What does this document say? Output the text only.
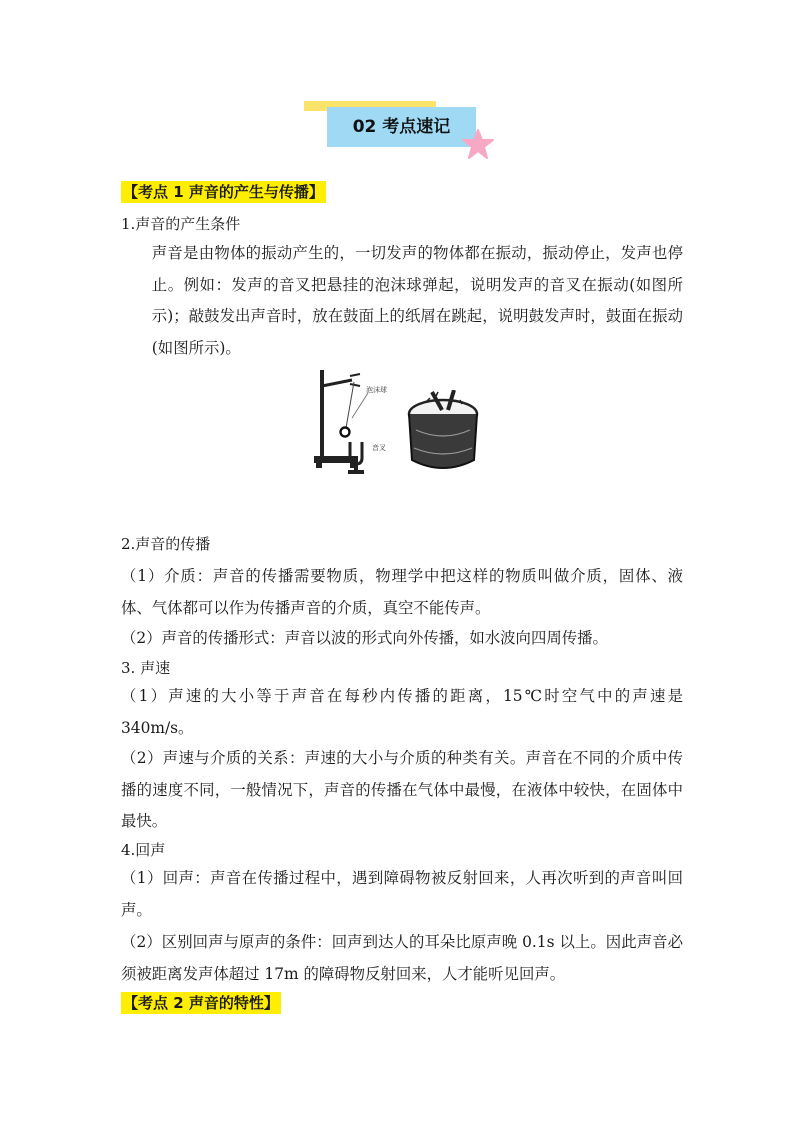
02 考点速记
【考点 1 声音的产生与传播】
1.声音的产生条件
声音是由物体的振动产生的，一切发声的物体都在振动，振动停止，发声也停止。例如：发声的音叉把悬挂的泡沫球弹起，说明发声的音叉在振动(如图所示)；敲鼓发出声音时，放在鼓面上的纸屑在跳起，说明鼓发声时，鼓面在振动(如图所示)。
泡沫球
音叉
2.声音的传播
（1）介质：声音的传播需要物质，物理学中把这样的物质叫做介质，固体、液体、气体都可以作为传播声音的介质，真空不能传声。
（2）声音的传播形式：声音以波的形式向外传播，如水波向四周传播。
3. 声速
（1）声速的大小等于声音在每秒内传播的距离，15℃时空气中的声速是340m/s。
（2）声速与介质的关系：声速的大小与介质的种类有关。声音在不同的介质中传播的速度不同，一般情况下，声音的传播在气体中最慢，在液体中较快，在固体中最快。
4.回声
（1）回声：声音在传播过程中，遇到障碍物被反射回来，人再次听到的声音叫回声。
（2）区别回声与原声的条件：回声到达人的耳朵比原声晚 0.1s 以上。因此声音必须被距离发声体超过 17m 的障碍物反射回来，人才能听见回声。
【考点 2 声音的特性】
